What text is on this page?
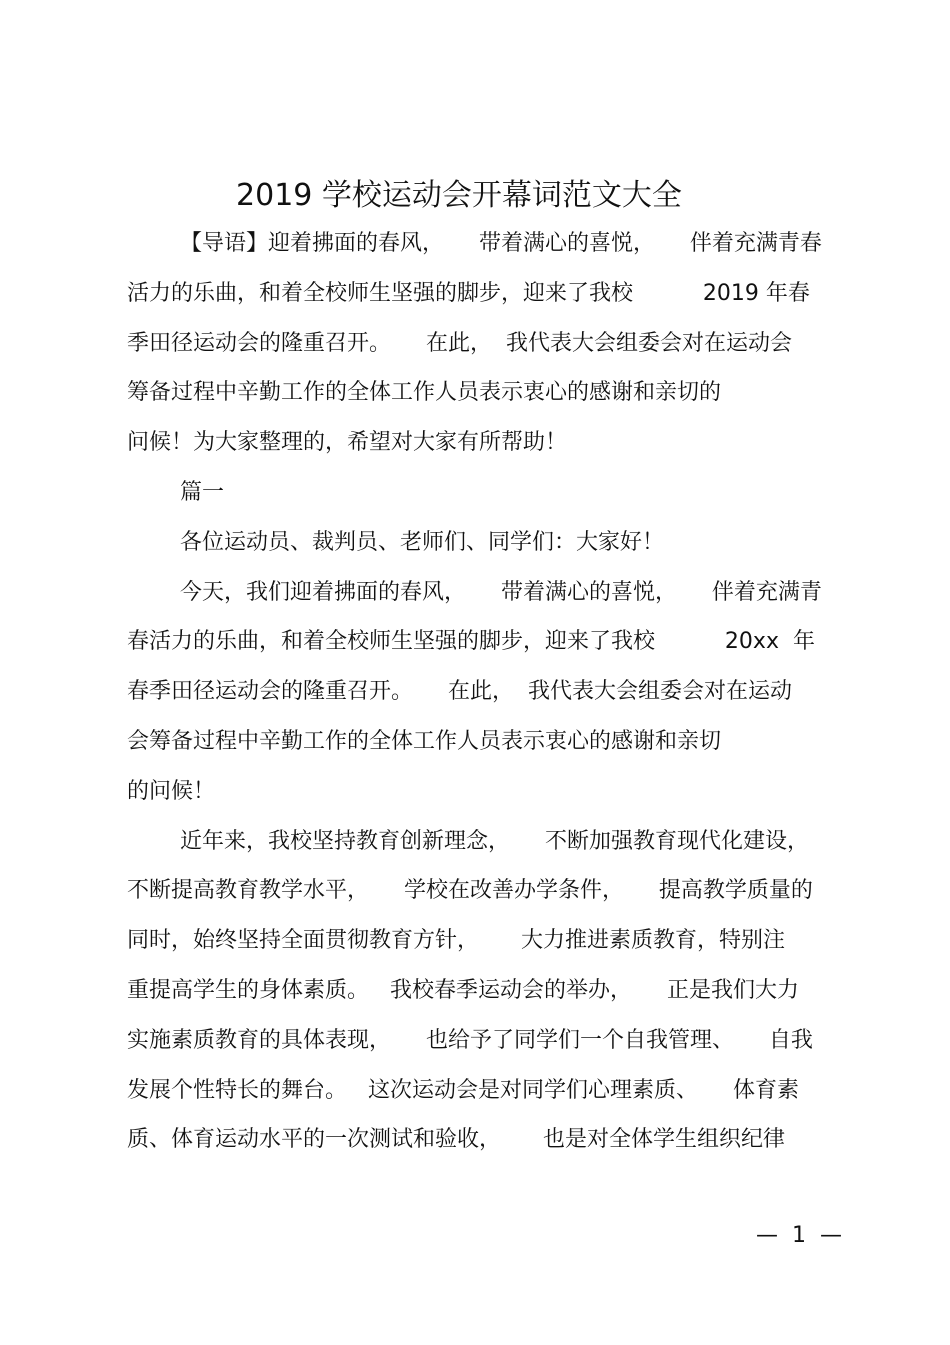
2019 学校运动会开幕词范文大全
【导语】迎着拂面的春风，     带着满心的喜悦，     伴着充满青春
活力的乐曲，和着全校师生坚强的脚步，迎来了我校          2019 年春
季田径运动会的隆重召开。     在此，  我代表大会组委会对在运动会
筹备过程中辛勤工作的全体工作人员表示衷心的感谢和亲切的
问候！为大家整理的，希望对大家有所帮助！
篇一
各位运动员、裁判员、老师们、同学们：大家好！
今天，我们迎着拂面的春风，     带着满心的喜悦，     伴着充满青
春活力的乐曲，和着全校师生坚强的脚步，迎来了我校          20xx  年
春季田径运动会的隆重召开。     在此，  我代表大会组委会对在运动
会筹备过程中辛勤工作的全体工作人员表示衷心的感谢和亲切
的问候！
近年来，我校坚持教育创新理念，     不断加强教育现代化建设，
不断提高教育教学水平，     学校在改善办学条件，     提高教学质量的
同时，始终坚持全面贯彻教育方针，      大力推进素质教育，特别注
重提高学生的身体素质。   我校春季运动会的举办，     正是我们大力
实施素质教育的具体表现，     也给予了同学们一个自我管理、     自我
发展个性特长的舞台。   这次运动会是对同学们心理素质、     体育素
质、体育运动水平的一次测试和验收，      也是对全体学生组织纪律
—  1  —
